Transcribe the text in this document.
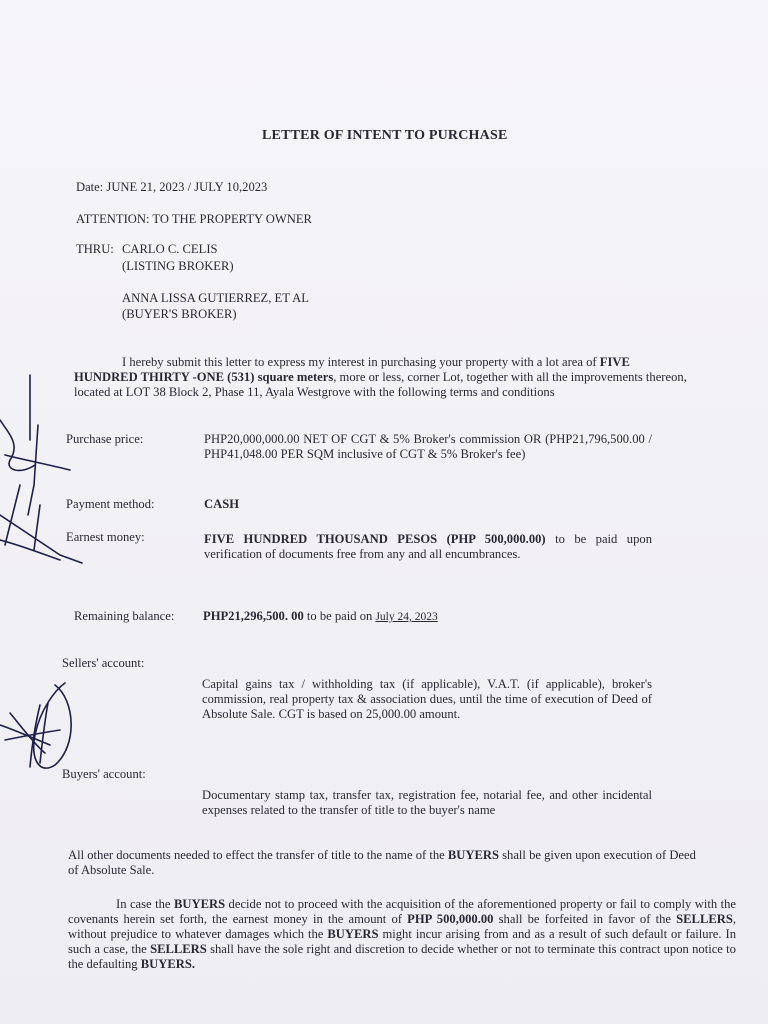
LETTER OF INTENT TO PURCHASE
Date: JUNE 21, 2023 / JULY 10,2023
ATTENTION: TO THE PROPERTY OWNER
THRU: CARLO C. CELIS
(LISTING BROKER)
ANNA LISSA GUTIERREZ, ET AL
(BUYER'S BROKER)
I hereby submit this letter to express my interest in purchasing your property with a lot area of FIVE HUNDRED THIRTY -ONE (531) square meters, more or less, corner Lot, together with all the improvements thereon, located at LOT 38 Block 2, Phase 11, Ayala Westgrove with the following terms and conditions
Purchase price:	PHP20,000,000.00 NET OF CGT & 5% Broker's commission OR (PHP21,796,500.00 / PHP41,048.00 PER SQM inclusive of CGT & 5% Broker's fee)
Payment method:	CASH
Earnest money:	FIVE HUNDRED THOUSAND PESOS (PHP 500,000.00) to be paid upon verification of documents free from any and all encumbrances.
Remaining balance: PHP21,296,500. 00 to be paid on July 24, 2023
Sellers' account:
Capital gains tax / withholding tax (if applicable), V.A.T. (if applicable), broker's commission, real property tax & association dues, until the time of execution of Deed of Absolute Sale. CGT is based on 25,000.00 amount.
Buyers' account:
Documentary stamp tax, transfer tax, registration fee, notarial fee, and other incidental expenses related to the transfer of title to the buyer's name
All other documents needed to effect the transfer of title to the name of the BUYERS shall be given upon execution of Deed of Absolute Sale.
In case the BUYERS decide not to proceed with the acquisition of the aforementioned property or fail to comply with the covenants herein set forth, the earnest money in the amount of PHP 500,000.00 shall be forfeited in favor of the SELLERS, without prejudice to whatever damages which the BUYERS might incur arising from and as a result of such default or failure. In such a case, the SELLERS shall have the sole right and discretion to decide whether or not to terminate this contract upon notice to the defaulting BUYERS.
